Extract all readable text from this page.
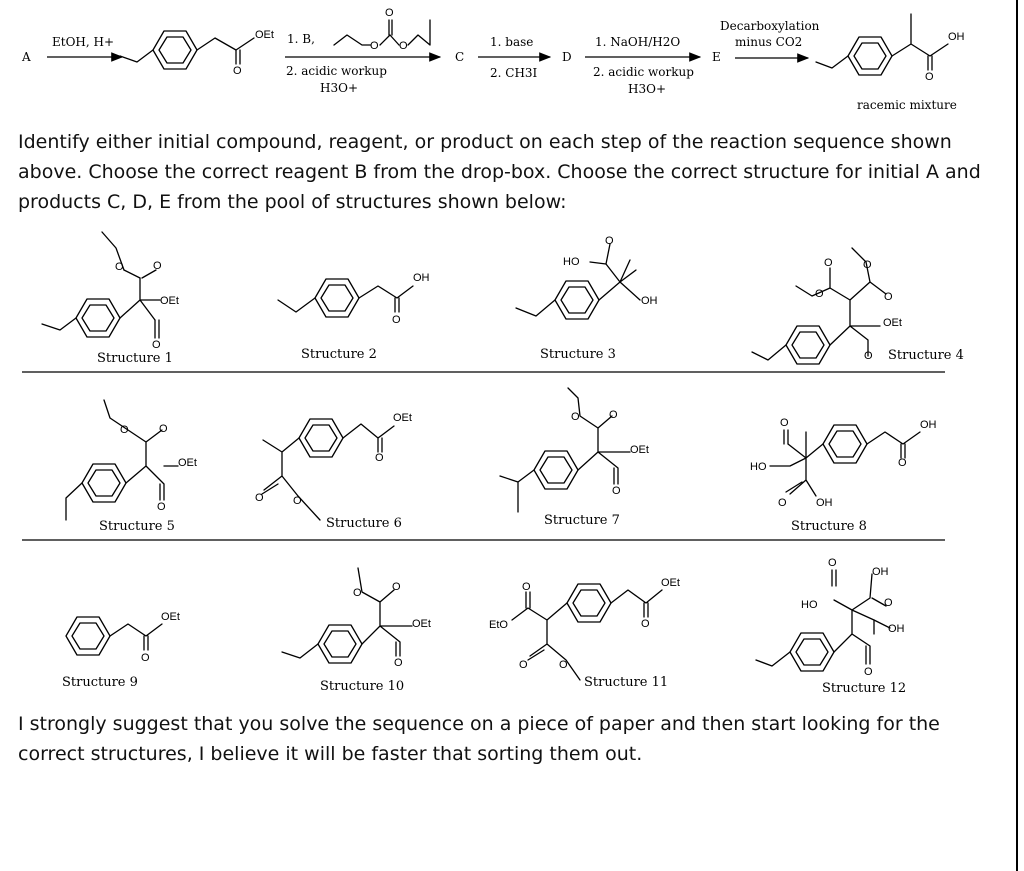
A
EtOH, H+	OEt
O
1. B,
O
O O
2. acidic workup
H3O+
C
1. base
2. CH3I
D
1. NaOH/H2O
2. acidic workup
H3O+
E
Decarboxylation
minus CO2	OH
O
racemic mixture
OEt
O	O
O
Structure 1
OH
O
Structure 2
HO
OH
O
Structure 3
O
O	O
O
OEt
O Structure 4
O	O
OEt
O
Structure 5
OEt
O
O	O
Structure 6
O	O
OEt
O
Structure 7
OH
O
O
HO
O	OH
Structure 8
OEt
O
Structure 9
O	O
OEt
O
Structure 10
OEt
O
EtO
O
O	O
Structure 11
OH
O
HO	O
OH
O
Structure 12

Identify either initial compound, reagent, or product on each step of the reaction sequence shown above. Choose the correct reagent B from the drop-box. Choose the correct structure for initial A and products C, D, E from the pool of structures shown below:

I strongly suggest that you solve the sequence on a piece of paper and then start looking for the correct structures, I believe it will be faster that sorting them out.
